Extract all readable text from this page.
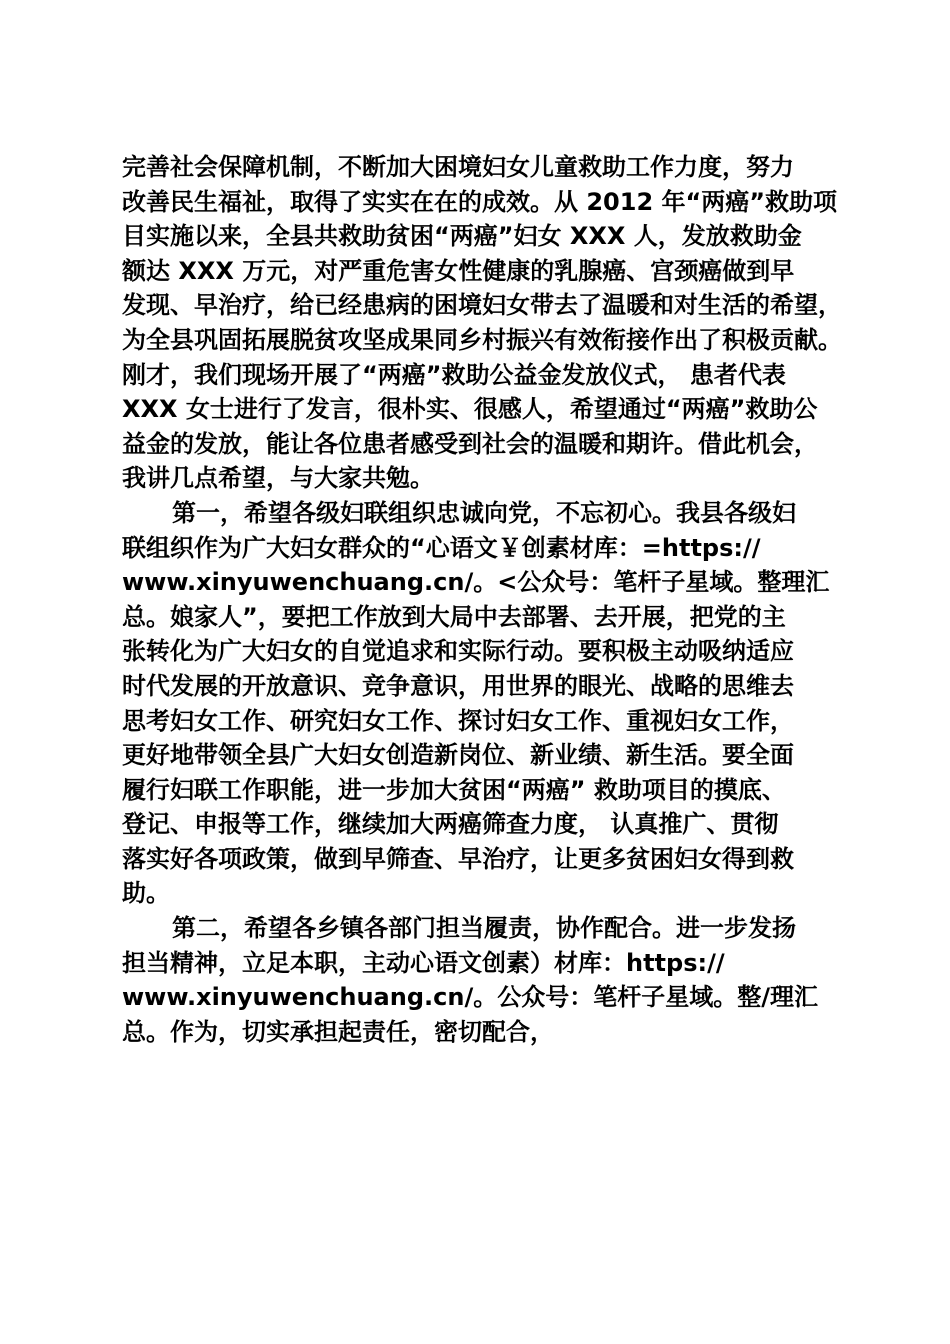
完善社会保障机制，不断加大困境妇女儿童救助工作力度，努力
改善民生福祉，取得了实实在在的成效。从 2012 年“两癌”救助项
目实施以来，全县共救助贫困“两癌”妇女 XXX 人，发放救助金
额达 XXX 万元，对严重危害女性健康的乳腺癌、宫颈癌做到早
发现、早治疗，给已经患病的困境妇女带去了温暖和对生活的希望，
为全县巩固拓展脱贫攻坚成果同乡村振兴有效衔接作出了积极贡献。
刚才，我们现场开展了“两癌”救助公益金发放仪式， 患者代表
XXX 女士进行了发言，很朴实、很感人，希望通过“两癌”救助公
益金的发放，能让各位患者感受到社会的温暖和期许。借此机会，
我讲几点希望，与大家共勉。
第一，希望各级妇联组织忠诚向党，不忘初心。我县各级妇
联组织作为广大妇女群众的“心语文￥创素材库：=https://
www.xinyuwenchuang.cn/。<公众号：笔杆子星域。整理汇
总。娘家人”，要把工作放到大局中去部署、去开展，把党的主
张转化为广大妇女的自觉追求和实际行动。要积极主动吸纳适应
时代发展的开放意识、竞争意识，用世界的眼光、战略的思维去
思考妇女工作、研究妇女工作、探讨妇女工作、重视妇女工作，
更好地带领全县广大妇女创造新岗位、新业绩、新生活。要全面
履行妇联工作职能，进一步加大贫困“两癌” 救助项目的摸底、
登记、申报等工作，继续加大两癌筛查力度， 认真推广、贯彻
落实好各项政策，做到早筛查、早治疗，让更多贫困妇女得到救
助。
第二，希望各乡镇各部门担当履责，协作配合。进一步发扬
担当精神，立足本职，主动心语文创素）材库：https://
www.xinyuwenchuang.cn/。公众号：笔杆子星域。整/理汇
总。作为，切实承担起责任，密切配合，
